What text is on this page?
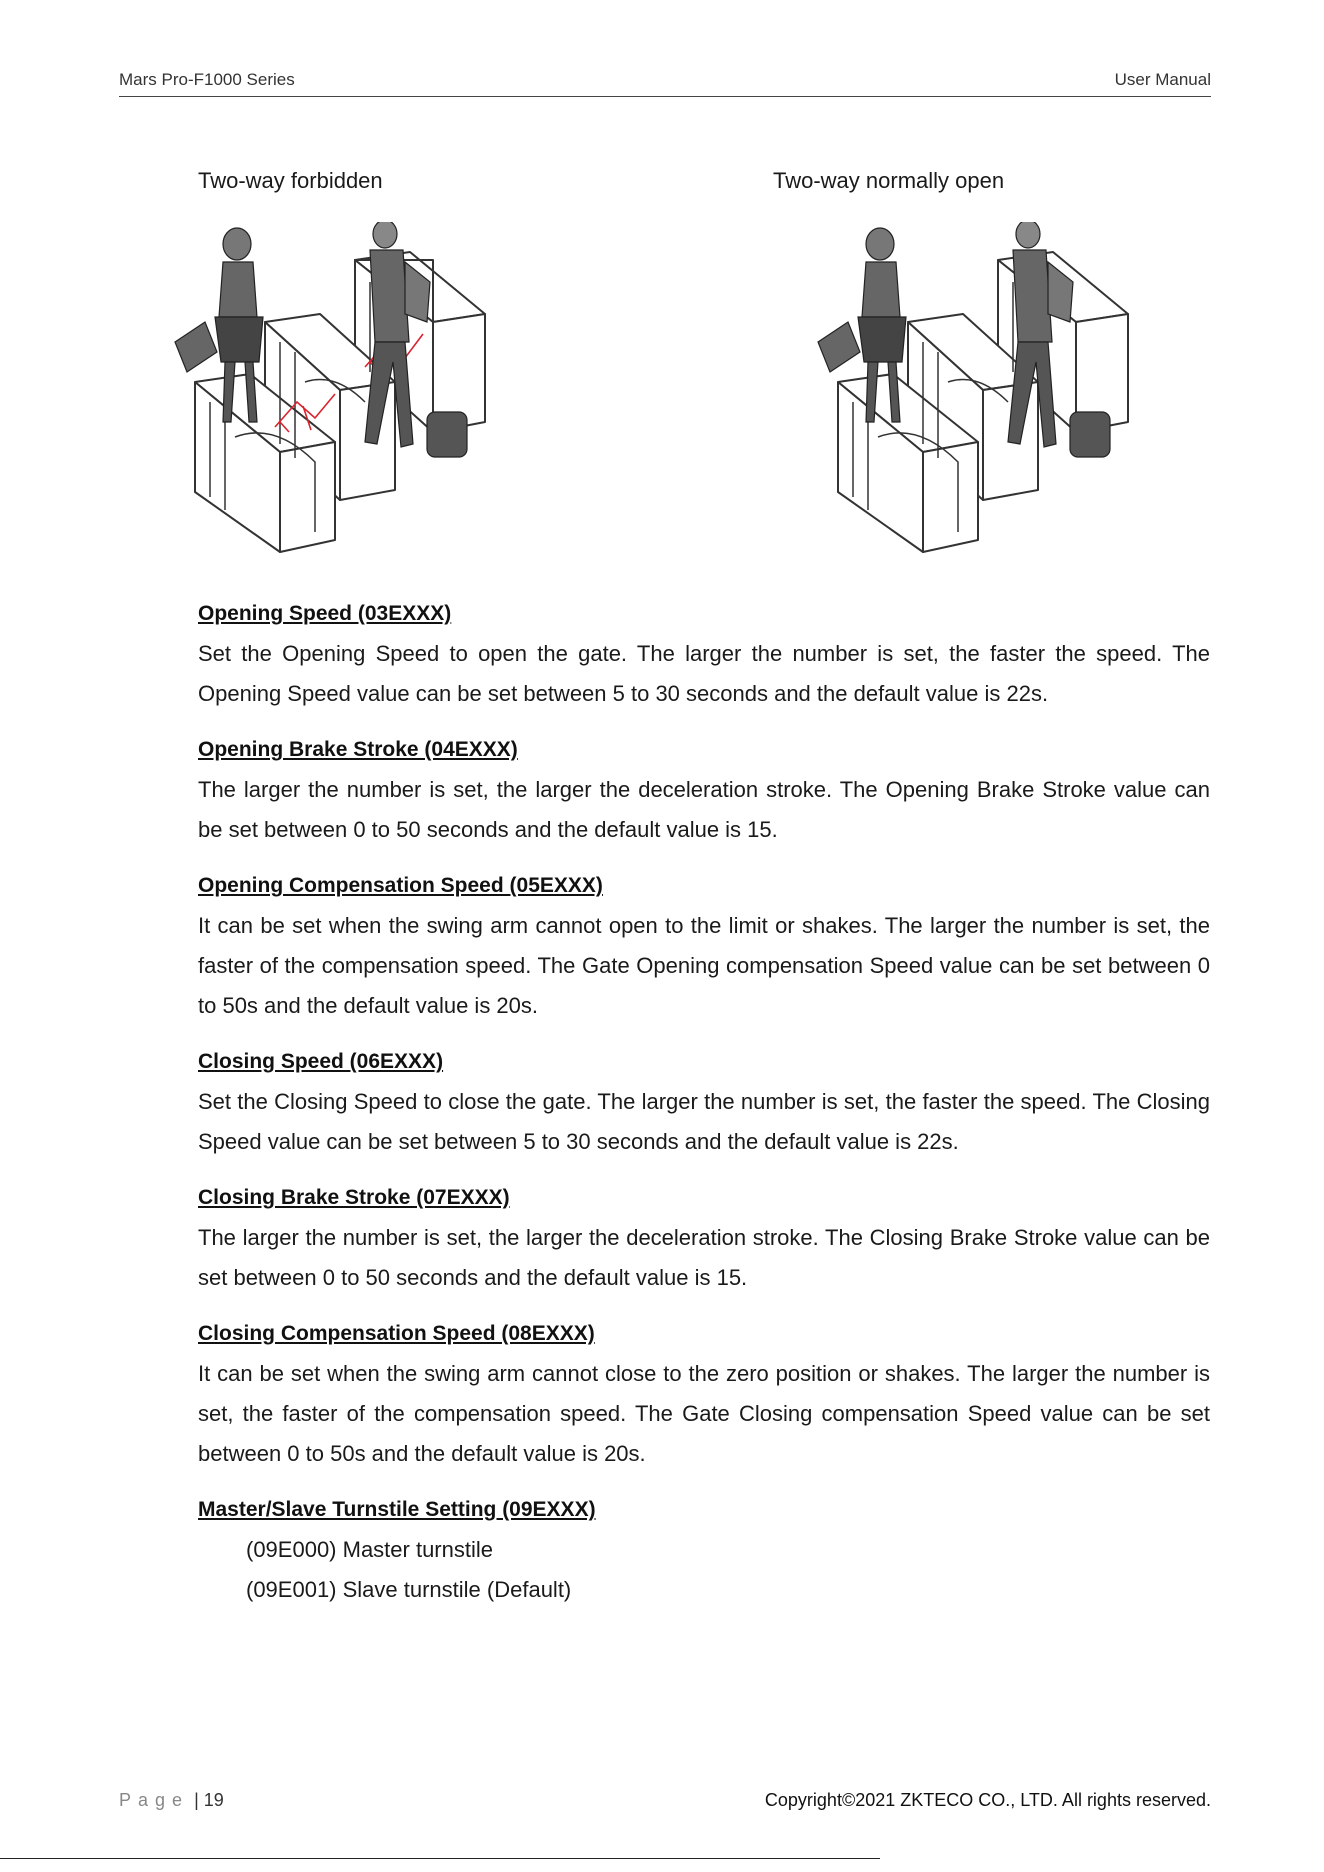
Mars Pro-F1000 Series	User Manual
Two-way forbidden	Two-way normally open
Opening Speed (03EXXX)

Set the Opening Speed to open the gate. The larger the number is set, the faster the speed. The Opening Speed value can be set between 5 to 30 seconds and the default value is 22s.

Opening Brake Stroke (04EXXX)

The larger the number is set, the larger the deceleration stroke. The Opening Brake Stroke value can be set between 0 to 50 seconds and the default value is 15.

Opening Compensation Speed (05EXXX)

It can be set when the swing arm cannot open to the limit or shakes. The larger the number is set, the faster of the compensation speed. The Gate Opening compensation Speed value can be set between 0 to 50s and the default value is 20s.

Closing Speed (06EXXX)

Set the Closing Speed to close the gate. The larger the number is set, the faster the speed. The Closing Speed value can be set between 5 to 30 seconds and the default value is 22s.

Closing Brake Stroke (07EXXX)

The larger the number is set, the larger the deceleration stroke. The Closing Brake Stroke value can be set between 0 to 50 seconds and the default value is 15.

Closing Compensation Speed (08EXXX)

It can be set when the swing arm cannot close to the zero position or shakes. The larger the number is set, the faster of the compensation speed. The Gate Closing compensation Speed value can be set between 0 to 50s and the default value is 20s.

Master/Slave Turnstile Setting (09EXXX)
(09E000) Master turnstile
(09E001) Slave turnstile (Default)
Page | 19	Copyright©2021 ZKTECO CO., LTD. All rights reserved.
